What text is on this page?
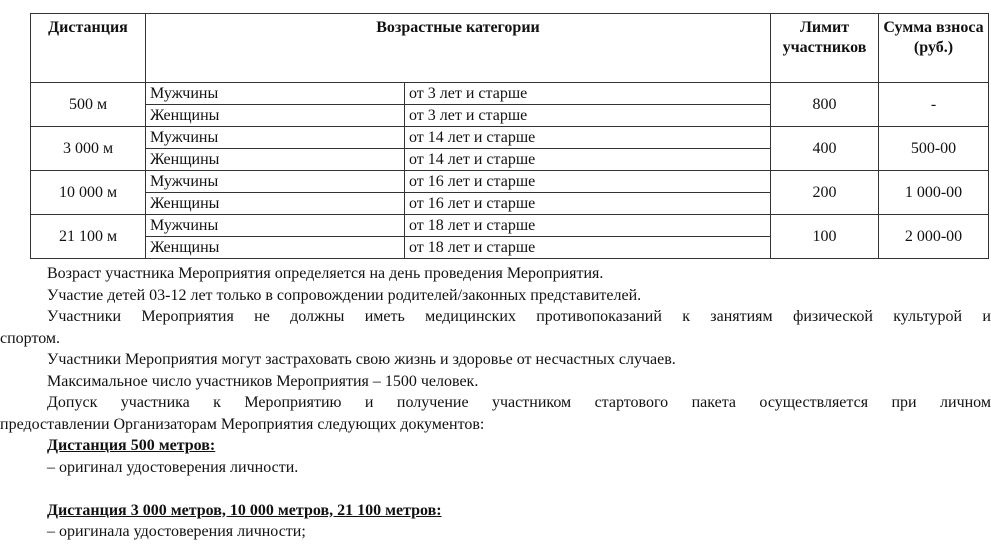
Дистанция	Возрастные категории		Лимит участников	Сумма взноса (руб.)
500 м	Мужчины	от 3 лет и старше	800	-
	Женщины	от 3 лет и старше		
3 000 м	Мужчины	от 14 лет и старше	400	500-00
	Женщины	от 14 лет и старше		
10 000 м	Мужчины	от 16 лет и старше	200	1 000-00
	Женщины	от 16 лет и старше		
21 100 м	Мужчины	от 18 лет и старше	100	2 000-00
	Женщины	от 18 лет и старше		

Возраст участника Мероприятия определяется на день проведения Мероприятия.

Участие детей 03-12 лет только в сопровождении родителей/законных представителей.

Участники Мероприятия не должны иметь медицинских противопоказаний к занятиям физической культурой и

спортом.

Участники Мероприятия могут застраховать свою жизнь и здоровье от несчастных случаев.

Максимальное число участников Мероприятия – 1500 человек.

Допуск участника к Мероприятию и получение участником стартового пакета осуществляется при личном

предоставлении Организаторам Мероприятия следующих документов:

Дистанция 500 метров:

– оригинал удостоверения личности.

Дистанция 3 000 метров, 10 000 метров, 21 100 метров:

– оригинала удостоверения личности;
